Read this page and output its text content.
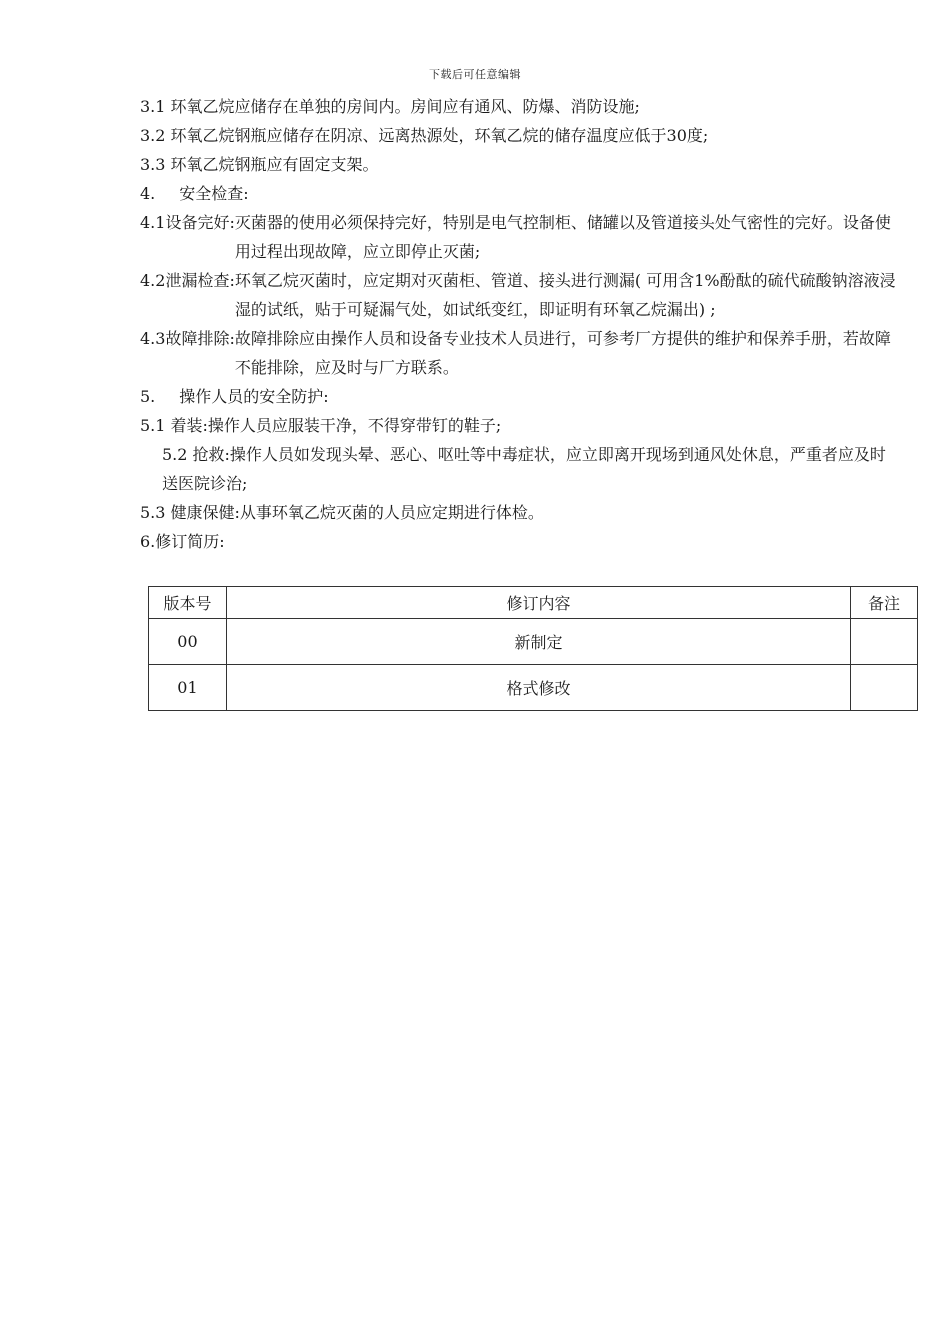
下载后可任意编辑
3.1 环氧乙烷应储存在单独的房间内。房间应有通风、防爆、消防设施;
3.2 环氧乙烷钢瓶应储存在阴凉、远离热源处，环氧乙烷的储存温度应低于30度;
3.3 环氧乙烷钢瓶应有固定支架。
4. 安全检查:
4.1 设备完好: 灭菌器的使用必须保持完好，特别是电气控制柜、储罐以及管道接头处气密性的完好。设备使用过程出现故障，应立即停止灭菌;
4.2 泄漏检查: 环氧乙烷灭菌时，应定期对灭菌柜、管道、接头进行测漏( 可用含1%酚酞的硫代硫酸钠溶液浸湿的试纸，贴于可疑漏气处，如试纸变红，即证明有环氧乙烷漏出) ;
4.3 故障排除: 故障排除应由操作人员和设备专业技术人员进行，可参考厂方提供的维护和保养手册，若故障不能排除，应及时与厂方联系。
5. 操作人员的安全防护:
5.1 着装:操作人员应服装干净，不得穿带钉的鞋子;
5.2 抢救:操作人员如发现头晕、恶心、呕吐等中毒症状，应立即离开现场到通风处休息，严重者应及时送医院诊治;
5.3 健康保健:从事环氧乙烷灭菌的人员应定期进行体检。
6.修订简历:
版本号	修订内容	备注
00	新制定	
01	格式修改	
